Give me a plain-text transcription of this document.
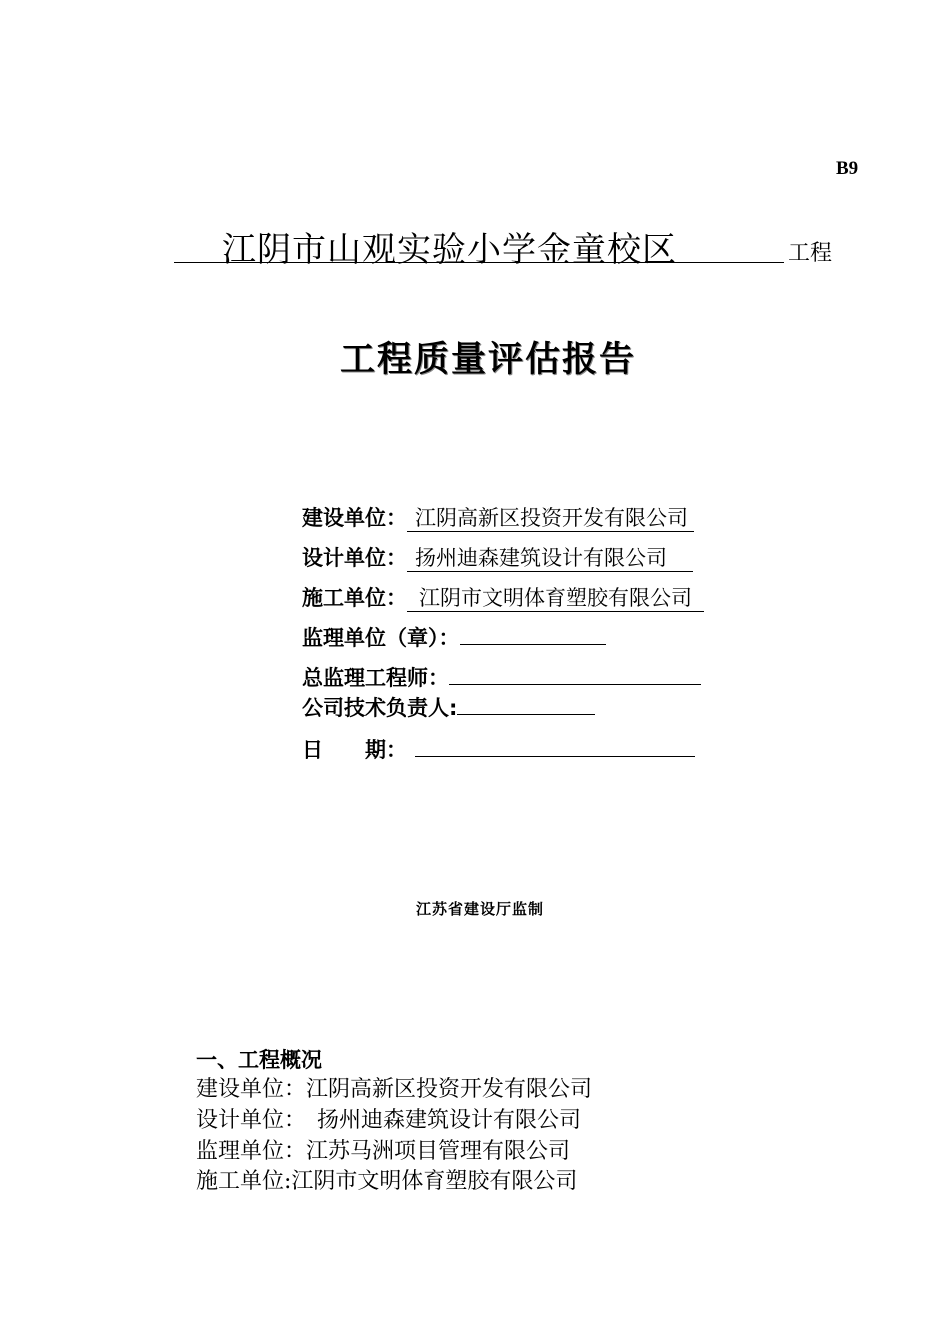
B9
江阴市山观实验小学金童校区	工程
工程质量评估报告
建设单位： 江阴高新区投资开发有限公司
设计单位： 扬州迪森建筑设计有限公司
施工单位： 江阴市文明体育塑胶有限公司
监理单位（章）：
总监理工程师：
公司技术负责人:
日　　期：
江苏省建设厅监制
一、工程概况
建设单位：江阴高新区投资开发有限公司
设计单位：　扬州迪森建筑设计有限公司
监理单位：江苏马洲项目管理有限公司
施工单位:江阴市文明体育塑胶有限公司
